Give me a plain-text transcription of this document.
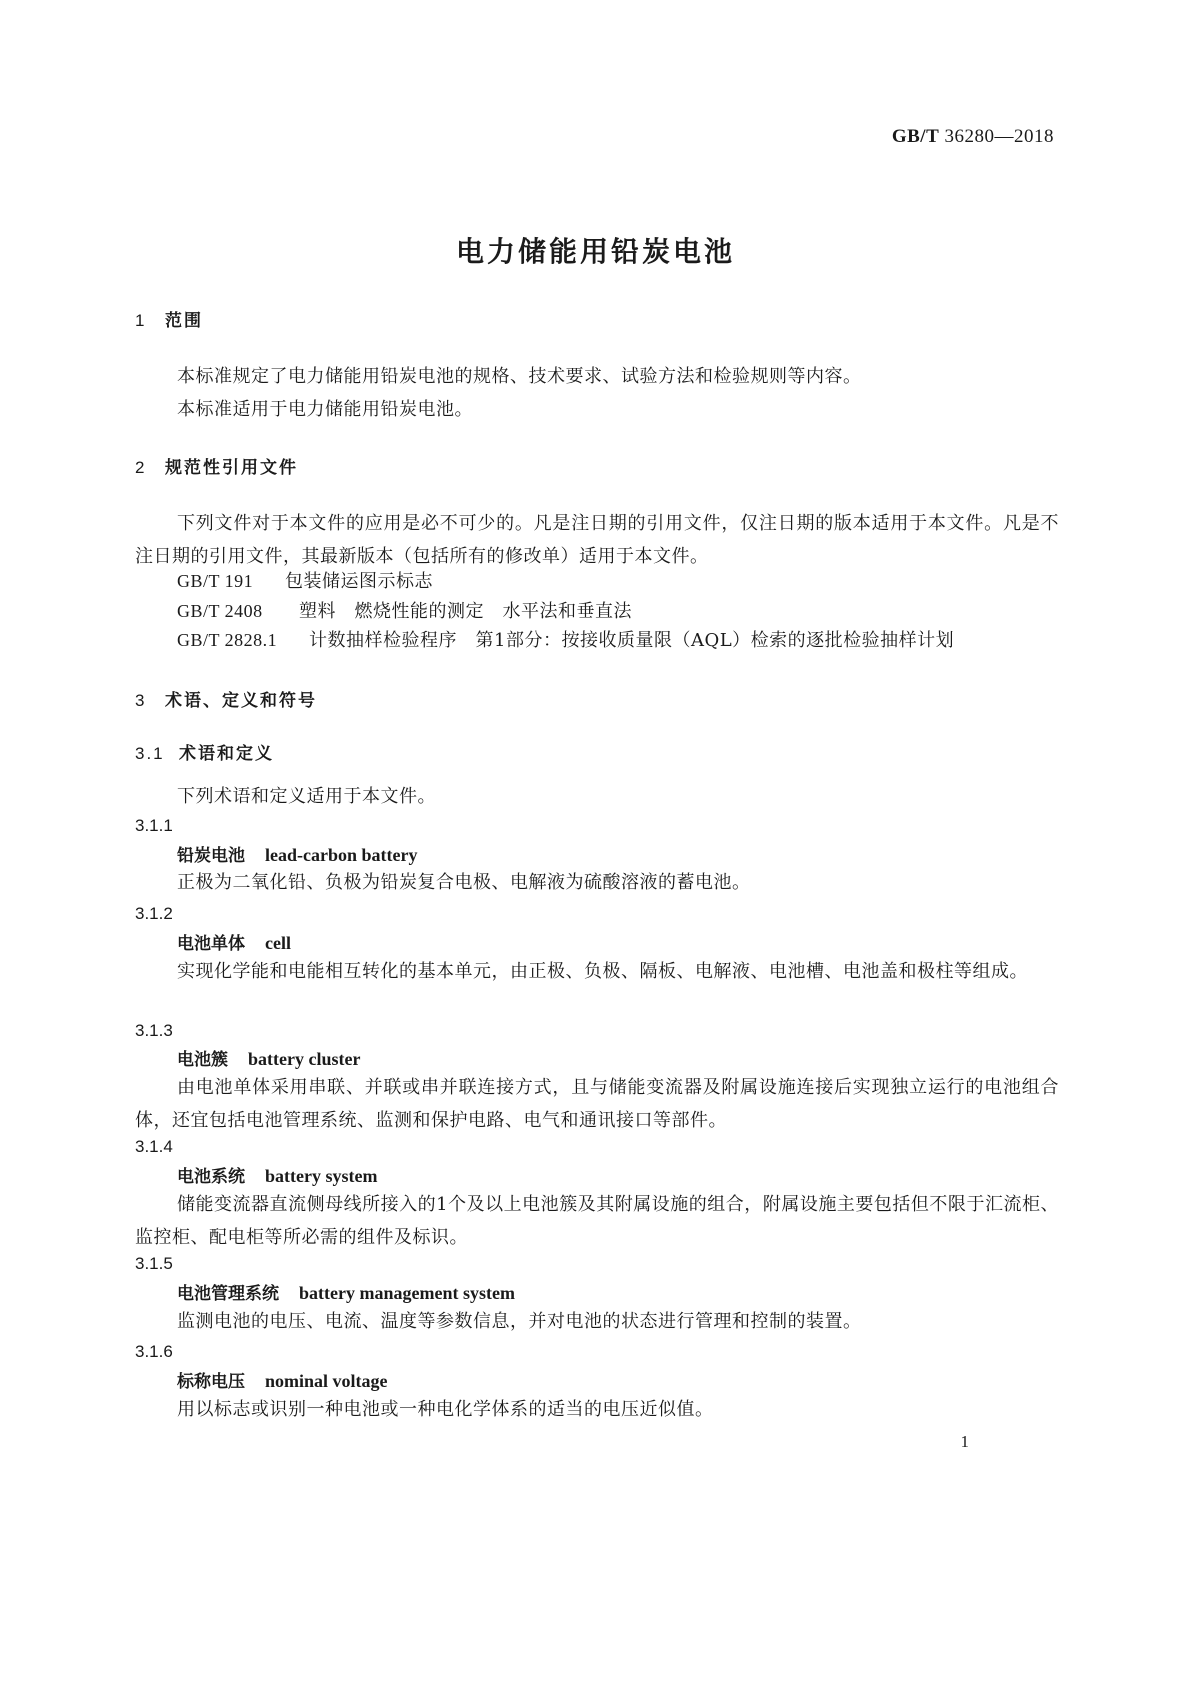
GB/T 36280—2018
电力储能用铅炭电池
1 范围
本标准规定了电力储能用铅炭电池的规格、技术要求、试验方法和检验规则等内容。
本标准适用于电力储能用铅炭电池。
2 规范性引用文件
下列文件对于本文件的应用是必不可少的。凡是注日期的引用文件，仅注日期的版本适用于本文件。凡是不注日期的引用文件，其最新版本（包括所有的修改单）适用于本文件。
GB/T 191 包装储运图示标志
GB/T 2408 塑料　燃烧性能的测定　水平法和垂直法
GB/T 2828.1 计数抽样检验程序　第1部分：按接收质量限（AQL）检索的逐批检验抽样计划
3 术语、定义和符号
3.1 术语和定义
下列术语和定义适用于本文件。
3.1.1
铅炭电池 lead-carbon battery
正极为二氧化铅、负极为铅炭复合电极、电解液为硫酸溶液的蓄电池。
3.1.2
电池单体 cell
实现化学能和电能相互转化的基本单元，由正极、负极、隔板、电解液、电池槽、电池盖和极柱等组成。
3.1.3
电池簇 battery cluster
由电池单体采用串联、并联或串并联连接方式，且与储能变流器及附属设施连接后实现独立运行的电池组合体，还宜包括电池管理系统、监测和保护电路、电气和通讯接口等部件。
3.1.4
电池系统 battery system
储能变流器直流侧母线所接入的1个及以上电池簇及其附属设施的组合，附属设施主要包括但不限于汇流柜、监控柜、配电柜等所必需的组件及标识。
3.1.5
电池管理系统 battery management system
监测电池的电压、电流、温度等参数信息，并对电池的状态进行管理和控制的装置。
3.1.6
标称电压 nominal voltage
用以标志或识别一种电池或一种电化学体系的适当的电压近似值。
1
